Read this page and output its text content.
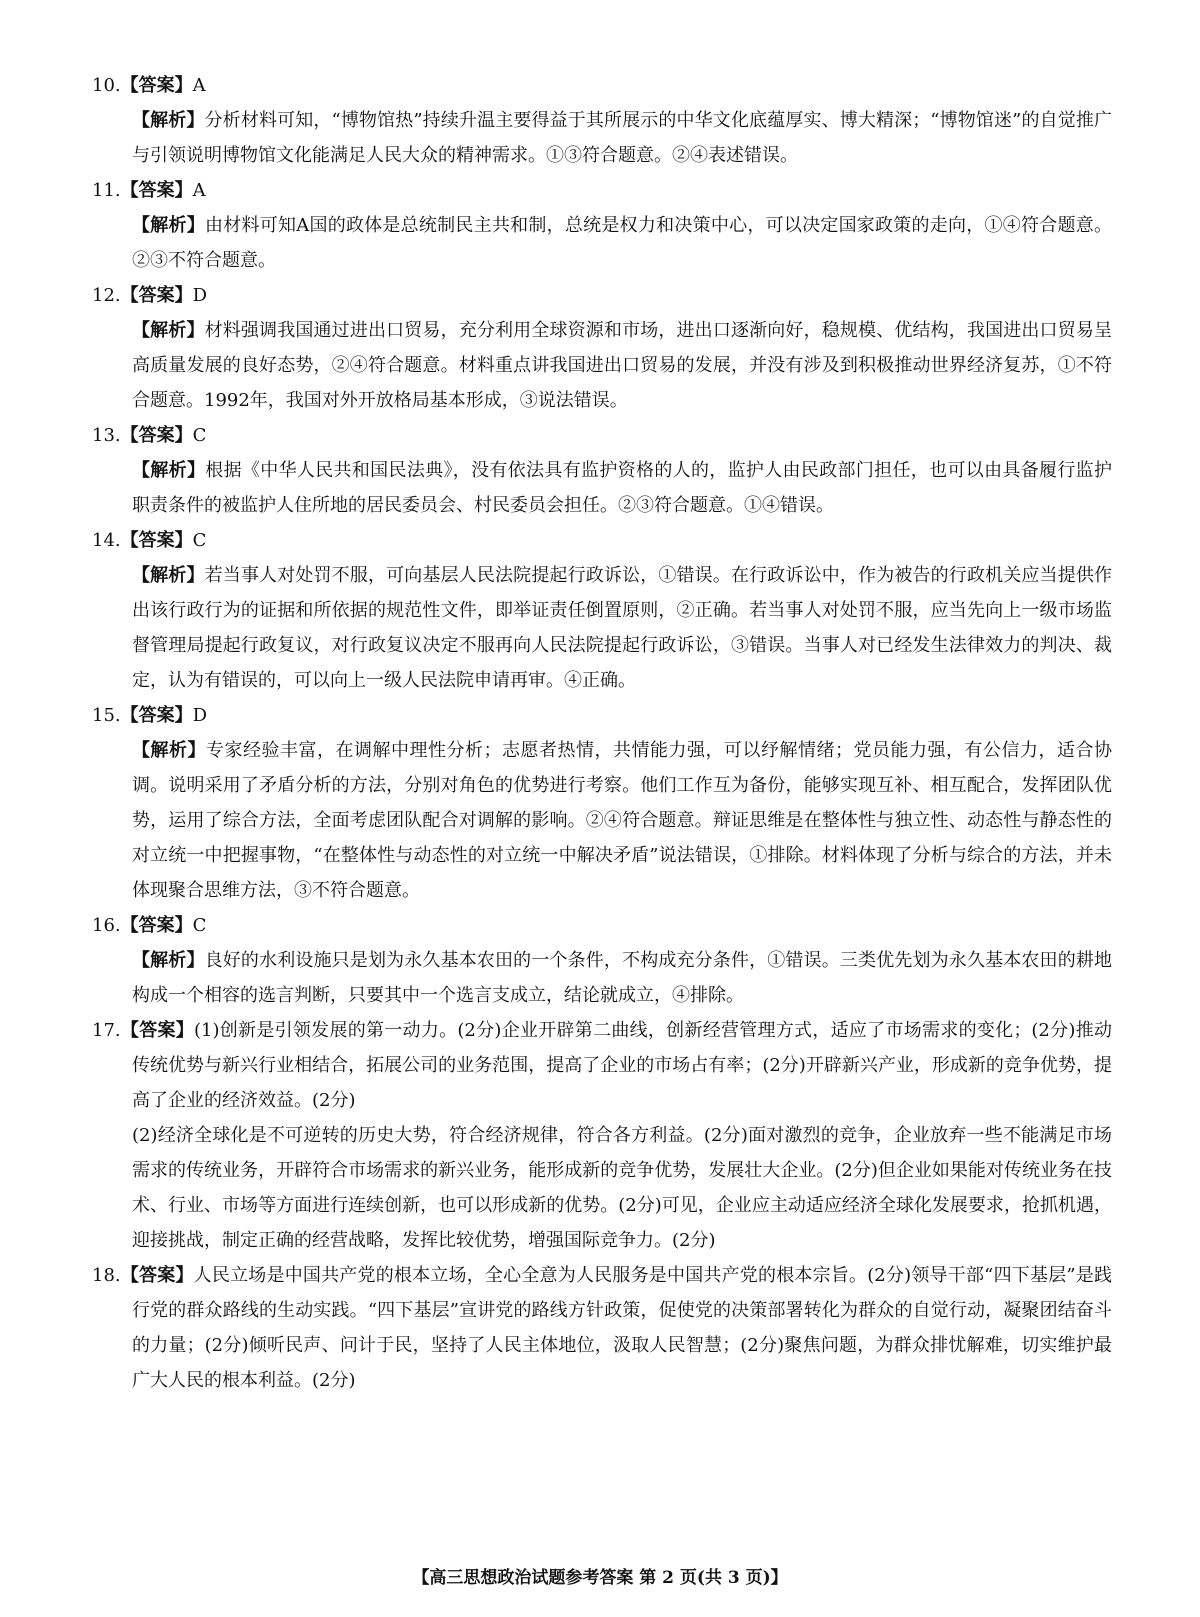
10.【答案】A
【解析】分析材料可知，“博物馆热”持续升温主要得益于其所展示的中华文化底蕴厚实、博大精深；“博物馆迷”的自觉推广与引领说明博物馆文化能满足人民大众的精神需求。①③符合题意。②④表述错误。
11.【答案】A
【解析】由材料可知A国的政体是总统制民主共和制，总统是权力和决策中心，可以决定国家政策的走向，①④符合题意。②③不符合题意。
12.【答案】D
【解析】材料强调我国通过进出口贸易，充分利用全球资源和市场，进出口逐渐向好，稳规模、优结构，我国进出口贸易呈高质量发展的良好态势，②④符合题意。材料重点讲我国进出口贸易的发展，并没有涉及到积极推动世界经济复苏，①不符合题意。1992年，我国对外开放格局基本形成，③说法错误。
13.【答案】C
【解析】根据《中华人民共和国民法典》，没有依法具有监护资格的人的，监护人由民政部门担任，也可以由具备履行监护职责条件的被监护人住所地的居民委员会、村民委员会担任。②③符合题意。①④错误。
14.【答案】C
【解析】若当事人对处罚不服，可向基层人民法院提起行政诉讼，①错误。在行政诉讼中，作为被告的行政机关应当提供作出该行政行为的证据和所依据的规范性文件，即举证责任倒置原则，②正确。若当事人对处罚不服，应当先向上一级市场监督管理局提起行政复议，对行政复议决定不服再向人民法院提起行政诉讼，③错误。当事人对已经发生法律效力的判决、裁定，认为有错误的，可以向上一级人民法院申请再审。④正确。
15.【答案】D
【解析】专家经验丰富，在调解中理性分析；志愿者热情，共情能力强，可以纾解情绪；党员能力强，有公信力，适合协调。说明采用了矛盾分析的方法，分别对角色的优势进行考察。他们工作互为备份，能够实现互补、相互配合，发挥团队优势，运用了综合方法，全面考虑团队配合对调解的影响。②④符合题意。辩证思维是在整体性与独立性、动态性与静态性的对立统一中把握事物，“在整体性与动态性的对立统一中解决矛盾”说法错误，①排除。材料体现了分析与综合的方法，并未体现聚合思维方法，③不符合题意。
16.【答案】C
【解析】良好的水利设施只是划为永久基本农田的一个条件，不构成充分条件，①错误。三类优先划为永久基本农田的耕地构成一个相容的选言判断，只要其中一个选言支成立，结论就成立，④排除。
17.【答案】(1)创新是引领发展的第一动力。(2分)企业开辟第二曲线，创新经营管理方式，适应了市场需求的变化；(2分)推动传统优势与新兴行业相结合，拓展公司的业务范围，提高了企业的市场占有率；(2分)开辟新兴产业，形成新的竞争优势，提高了企业的经济效益。(2分)
(2)经济全球化是不可逆转的历史大势，符合经济规律，符合各方利益。(2分)面对激烈的竞争，企业放弃一些不能满足市场需求的传统业务，开辟符合市场需求的新兴业务，能形成新的竞争优势，发展壮大企业。(2分)但企业如果能对传统业务在技术、行业、市场等方面进行连续创新，也可以形成新的优势。(2分)可见，企业应主动适应经济全球化发展要求，抢抓机遇，迎接挑战，制定正确的经营战略，发挥比较优势，增强国际竞争力。(2分)
18.【答案】人民立场是中国共产党的根本立场，全心全意为人民服务是中国共产党的根本宗旨。(2分)领导干部“四下基层”是践行党的群众路线的生动实践。“四下基层”宣讲党的路线方针政策，促使党的决策部署转化为群众的自觉行动，凝聚团结奋斗的力量；(2分)倾听民声、问计于民，坚持了人民主体地位，汲取人民智慧；(2分)聚焦问题，为群众排忧解难，切实维护最广大人民的根本利益。(2分)
【高三思想政治试题参考答案 第 2 页(共 3 页)】
